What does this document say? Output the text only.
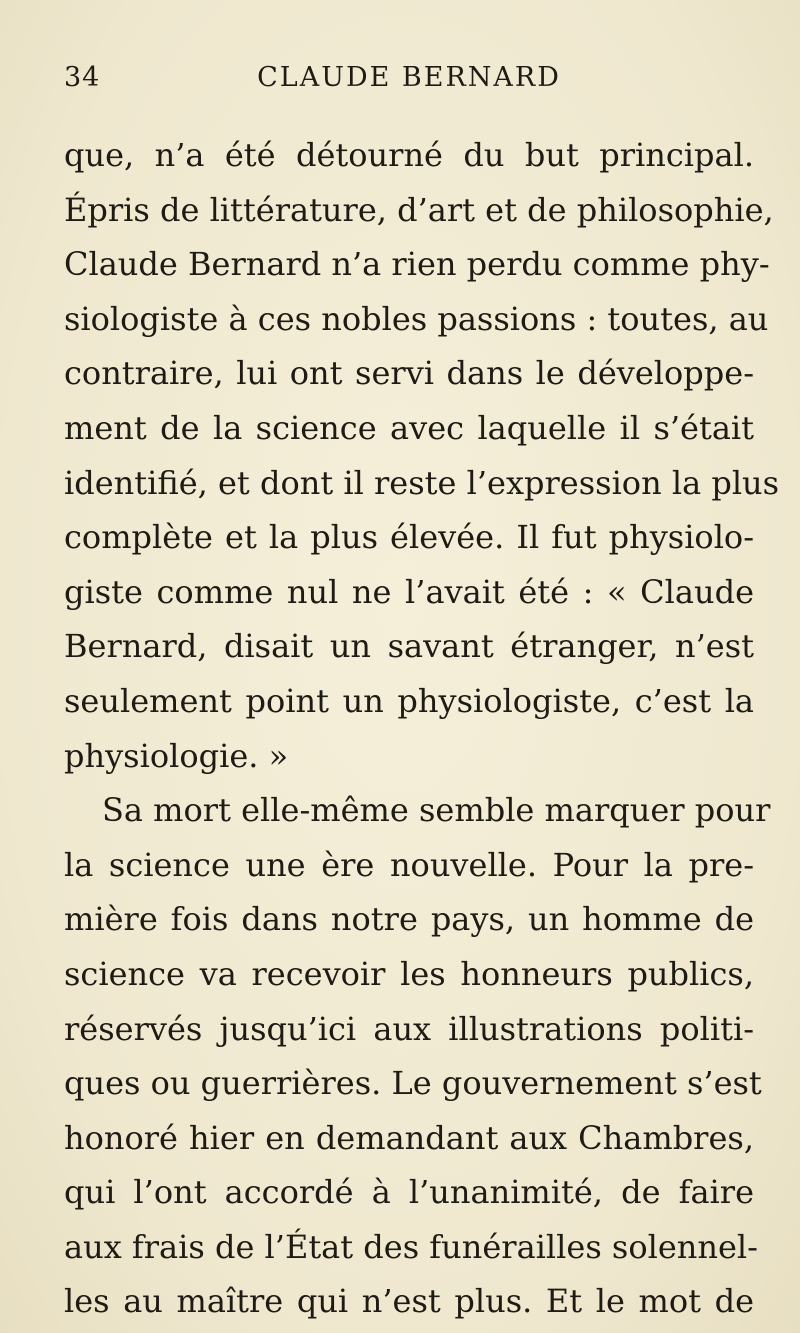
34	CLAUDE BERNARD
que, n’a été détourné du but principal.
Épris de littérature, d’art et de philosophie,
Claude Bernard n’a rien perdu comme phy-
siologiste à ces nobles passions : toutes, au
contraire, lui ont servi dans le développe-
ment de la science avec laquelle il s’était
identifié, et dont il reste l’expression la plus
complète et la plus élevée. Il fut physiolo-
giste comme nul ne l’avait été : « Claude
Bernard, disait un savant étranger, n’est
seulement point un physiologiste, c’est la
physiologie. »
Sa mort elle-même semble marquer pour
la science une ère nouvelle. Pour la pre-
mière fois dans notre pays, un homme de
science va recevoir les honneurs publics,
réservés jusqu’ici aux illustrations politi-
ques ou guerrières. Le gouvernement s’est
honoré hier en demandant aux Chambres,
qui l’ont accordé à l’unanimité, de faire
aux frais de l’État des funérailles solennel-
les au maître qui n’est plus. Et le mot de
